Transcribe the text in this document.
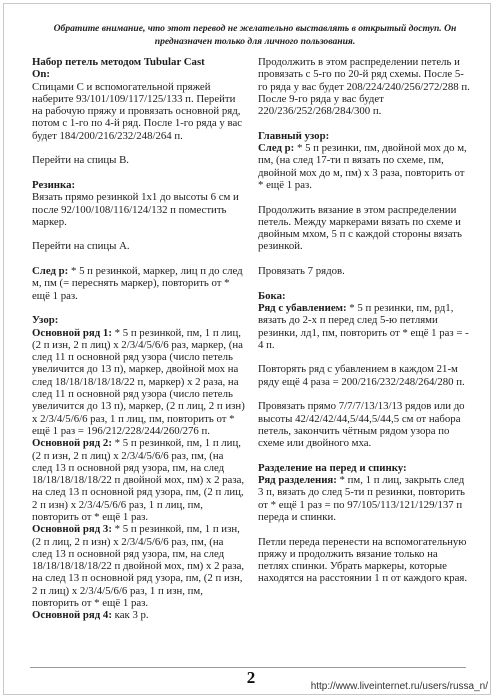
Обратите внимание, что этот перевод не желательно выставлять в открытый доступ. Он
предназначен только для личного пользования.
Набор петель методом Tubular Cast
On:

Спицами С и вспомогательной пряжей наберите 93/101/109/117/125/133 п. Перейти на рабочую пряжу и провязать основной ряд, потом с 1-го по 4-й ряд. После 1-го ряда у вас будет 184/200/216/232/248/264 п.

Перейти на спицы В.

Резинка:

Вязать прямо резинкой 1х1 до высоты 6 см и после 92/100/108/116/124/132 п поместить маркер.

Перейти на спицы А.

След р: * 5 п резинкой, маркер, лиц п до след м, пм (= переснять маркер), повторить от * ещё 1 раз.

Узор:

Основной ряд 1: * 5 п резинкой, пм, 1 п лиц, (2 п изн, 2 п лиц) х 2/3/4/5/6/6 раз, маркер, (на след 11 п основной ряд узора (число петель увеличится до 13 п), маркер, двойной мох на след 18/18/18/18/18/22 п, маркер) х 2 раза, на след 11 п основной ряд узора (число петель увеличится до 13 п), маркер, (2 п лиц, 2 п изн) х 2/3/4/5/6/6 раз, 1 п лиц, пм, повторить от * ещё 1 раз = 196/212/228/244/260/276 п.

Основной ряд 2: * 5 п резинкой, пм, 1 п лиц, (2 п изн, 2 п лиц) х 2/3/4/5/6/6 раз, пм, (на след 13 п основной ряд узора, пм, на след 18/18/18/18/18/22 п двойной мох, пм) х 2 раза, на след 13 п основной ряд узора, пм, (2 п лиц, 2 п изн) х 2/3/4/5/6/6 раз, 1 п лиц, пм, повторить от * ещё 1 раз.

Основной ряд 3: * 5 п резинкой, пм, 1 п изн, (2 п лиц, 2 п изн) х 2/3/4/5/6/6 раз, пм, (на след 13 п основной ряд узора, пм, на след 18/18/18/18/18/22 п двойной мох, пм) х 2 раза, на след 13 п основной ряд узора, пм, (2 п изн, 2 п лиц) х 2/3/4/5/6/6 раз, 1 п изн, пм, повторить от * ещё 1 раз.

Основной ряд 4: как 3 р.

Продолжить в этом распределении петель и провязать с 5-го по 20-й ряд схемы. После 5-го ряда у вас будет 208/224/240/256/272/288 п. После 9-го ряда у вас будет 220/236/252/268/284/300 п.

Главный узор:

След р: * 5 п резинки, пм, двойной мох до м, пм, (на след 17-ти п вязать по схеме, пм, двойной мох до м, пм) х 3 раза, повторить от * ещё 1 раз.

Продолжить вязание в этом распределении петель. Между маркерами вязать по схеме и двойным мхом, 5 п с каждой стороны вязать резинкой.

Провязать 7 рядов.

Бока:

Ряд с убавлением: * 5 п резинки, пм, рд1, вязать до 2-х п перед след 5-ю петлями резинки, лд1, пм, повторить от * ещё 1 раз = - 4 п.

Повторять ряд с убавлением в каждом 21-м ряду ещё 4 раза = 200/216/232/248/264/280 п.

Провязать прямо 7/7/7/13/13/13 рядов или до высоты 42/42/42/44,5/44,5/44,5 см от набора петель, закончить чётным рядом узора по схеме или двойного мха.

Разделение на перед и спинку:

Ряд разделения: * пм, 1 п лиц, закрыть след 3 п, вязать до след 5-ти п резинки, повторить от * ещё 1 раз = по 97/105/113/121/129/137 п переда и спинки.

Петли переда перенести на вспомогательную пряжу и продолжить вязание только на петлях спинки. Убрать маркеры, которые находятся на расстоянии 1 п от каждого края.

2	http://www.liveinternet.ru/users/russa_n/
